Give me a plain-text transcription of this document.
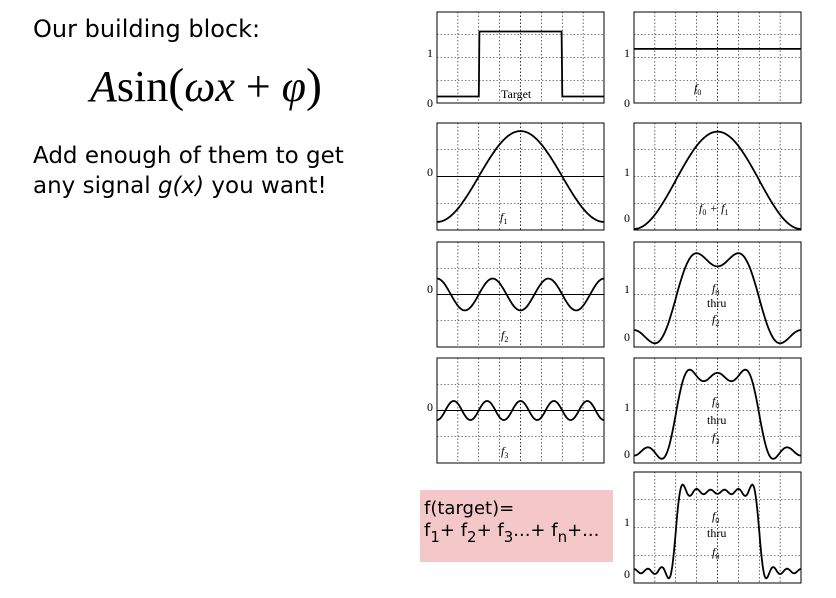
Our building block:
Asin(ωx + φ)
Add enough of them to get
any signal g(x) you want!
f(target)=
$f_1+ f_2+ f_3...+ f_n+$...
1
0
Target
1
0
$f_0$
0
$f_1$
1
0
$f_0 + f_1$
0
$f_2$
1
0
$f_0$
thru
$f_2$
0
$f_3$
1
0
$f_0$
thru
$f_3$
1
0
$f_0$
thru
$f_6$
